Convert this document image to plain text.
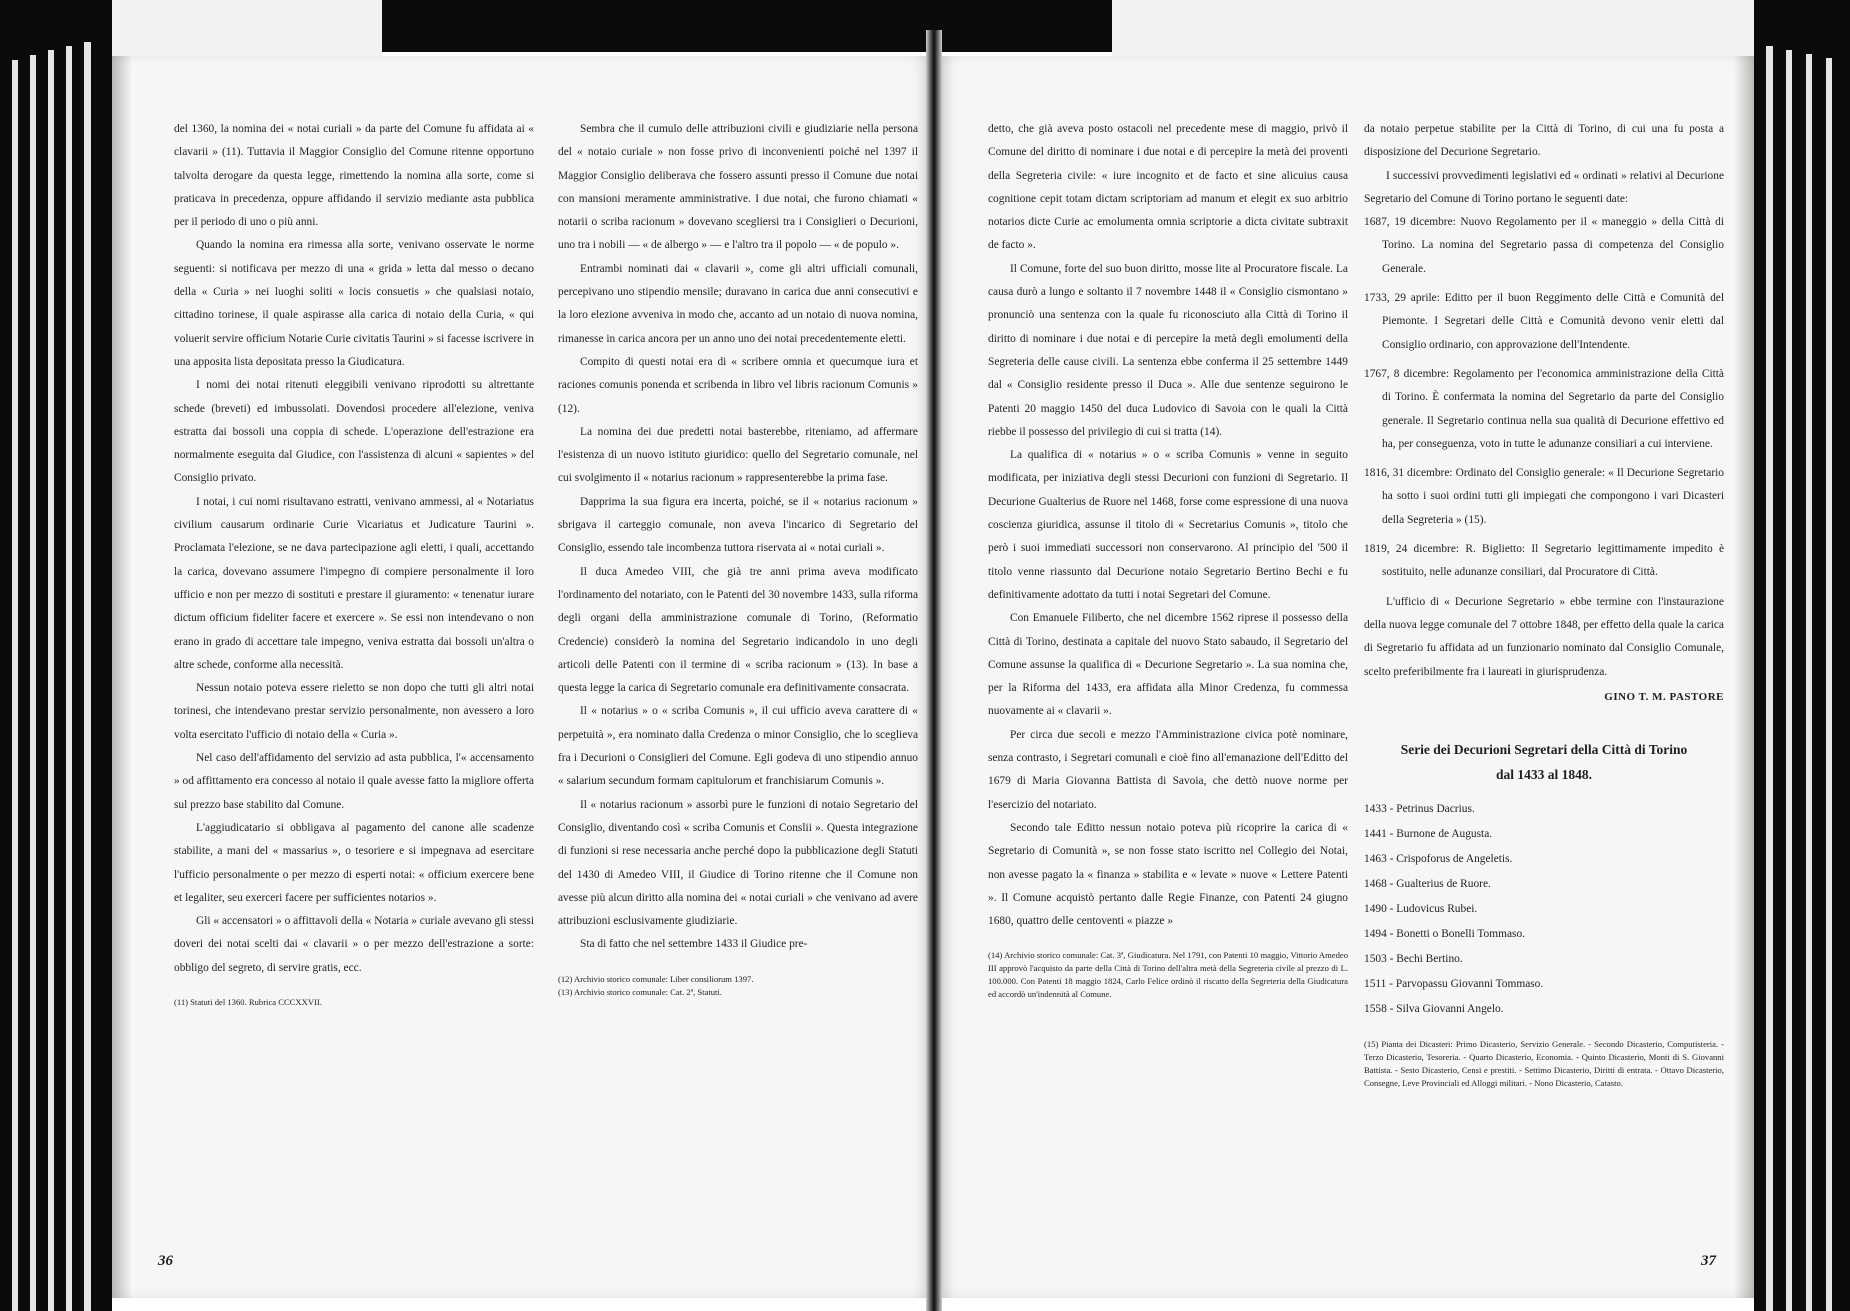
del 1360, la nomina dei « notai curiali » da parte del Comune fu affidata ai « clavarii » (11). Tuttavia il Maggior Consiglio del Comune ritenne opportuno talvolta derogare da questa legge, rimettendo la nomina alla sorte, come si praticava in precedenza, oppure affidando il servizio mediante asta pubblica per il periodo di uno o più anni.

Quando la nomina era rimessa alla sorte, venivano osservate le norme seguenti: si notificava per mezzo di una « grida » letta dal messo o decano della « Curia » nei luoghi soliti « locis consuetis » che qualsiasi notaio, cittadino torinese, il quale aspirasse alla carica di notaio della Curia, « qui voluerit servire officium Notarie Curie civitatis Taurini » si facesse iscrivere in una apposita lista depositata presso la Giudicatura.

I nomi dei notai ritenuti eleggibili venivano riprodotti su altrettante schede (breveti) ed imbussolati. Dovendosi procedere all'elezione, veniva estratta dai bossoli una coppia di schede. L'operazione dell'estrazione era normalmente eseguita dal Giudice, con l'assistenza di alcuni « sapientes » del Consiglio privato.

I notai, i cui nomi risultavano estratti, venivano ammessi, al « Notariatus civilium causarum ordinarie Curie Vicariatus et Judicature Taurini ». Proclamata l'elezione, se ne dava partecipazione agli eletti, i quali, accettando la carica, dovevano assumere l'impegno di compiere personalmente il loro ufficio e non per mezzo di sostituti e prestare il giuramento: « tenenatur iurare dictum officium fideliter facere et exercere ». Se essi non intendevano o non erano in grado di accettare tale impegno, veniva estratta dai bossoli un'altra o altre schede, conforme alla necessità.

Nessun notaio poteva essere rieletto se non dopo che tutti gli altri notai torinesi, che intendevano prestar servizio personalmente, non avessero a loro volta esercitato l'ufficio di notaio della « Curia ».

Nel caso dell'affidamento del servizio ad asta pubblica, l'« accensamento » od affittamento era concesso al notaio il quale avesse fatto la migliore offerta sul prezzo base stabilito dal Comune.

L'aggiudicatario si obbligava al pagamento del canone alle scadenze stabilite, a mani del « massarius », o tesoriere e si impegnava ad esercitare l'ufficio personalmente o per mezzo di esperti notai: « officium exercere bene et legaliter, seu exerceri facere per sufficientes notarios ».

Gli « accensatori » o affittavoli della « Notaria » curiale avevano gli stessi doveri dei notai scelti dai « clavarii » o per mezzo dell'estrazione a sorte: obbligo del segreto, di servire gratis, ecc.

(11) Statuti del 1360. Rubrica CCCXXVII.

Sembra che il cumulo delle attribuzioni civili e giudiziarie nella persona del « notaio curiale » non fosse privo di inconvenienti poiché nel 1397 il Maggior Consiglio deliberava che fossero assunti presso il Comune due notai con mansioni meramente amministrative. I due notai, che furono chiamati « notarii o scriba racionum » dovevano scegliersi tra i Consiglieri o Decurioni, uno tra i nobili — « de albergo » — e l'altro tra il popolo — « de populo ».

Entrambi nominati dai « clavarii », come gli altri ufficiali comunali, percepivano uno stipendio mensile; duravano in carica due anni consecutivi e la loro elezione avveniva in modo che, accanto ad un notaio di nuova nomina, rimanesse in carica ancora per un anno uno dei notai precedentemente eletti.

Compito di questi notai era di « scribere omnia et quecumque iura et raciones comunis ponenda et scribenda in libro vel libris racionum Comunis » (12).

La nomina dei due predetti notai basterebbe, riteniamo, ad affermare l'esistenza di un nuovo istituto giuridico: quello del Segretario comunale, nel cui svolgimento il « notarius racionum » rappresenterebbe la prima fase.

Dapprima la sua figura era incerta, poiché, se il « notarius racionum » sbrigava il carteggio comunale, non aveva l'incarico di Segretario del Consiglio, essendo tale incombenza tuttora riservata ai « notai curiali ».

Il duca Amedeo VIII, che già tre anni prima aveva modificato l'ordinamento del notariato, con le Patenti del 30 novembre 1433, sulla riforma degli organi della amministrazione comunale di Torino, (Reformatio Credencie) considerò la nomina del Segretario indicandolo in uno degli articoli delle Patenti con il termine di « scriba racionum » (13). In base a questa legge la carica di Segretario comunale era definitivamente consacrata.

Il « notarius » o « scriba Comunis », il cui ufficio aveva carattere di « perpetuità », era nominato dalla Credenza o minor Consiglio, che lo sceglieva fra i Decurioni o Consiglieri del Comune. Egli godeva di uno stipendio annuo « salarium secundum formam capitulorum et franchisiarum Comunis ».

Il « notarius racionum » assorbì pure le funzioni di notaio Segretario del Consiglio, diventando così « scriba Comunis et Conslii ». Questa integrazione di funzioni si rese necessaria anche perché dopo la pubblicazione degli Statuti del 1430 di Amedeo VIII, il Giudice di Torino ritenne che il Comune non avesse più alcun diritto alla nomina dei « notai curiali » che venivano ad avere attribuzioni esclusivamente giudiziarie.

Sta di fatto che nel settembre 1433 il Giudice pre-

(12) Archivio storico comunale: Liber consiliorum 1397.

(13) Archivio storico comunale: Cat. 2ª, Statuti.

36

detto, che già aveva posto ostacoli nel precedente mese di maggio, privò il Comune del diritto di nominare i due notai e di percepire la metà dei proventi della Segreteria civile: « iure incognito et de facto et sine alicuius causa cognitione cepit totam dictam scriptoriam ad manum et elegit ex suo arbitrio notarios dicte Curie ac emolumenta omnia scriptorie a dicta civitate subtraxit de facto ».

Il Comune, forte del suo buon diritto, mosse lite al Procuratore fiscale. La causa durò a lungo e soltanto il 7 novembre 1448 il « Consiglio cismontano » pronunciò una sentenza con la quale fu riconosciuto alla Città di Torino il diritto di nominare i due notai e di percepire la metà degli emolumenti della Segreteria delle cause civili. La sentenza ebbe conferma il 25 settembre 1449 dal « Consiglio residente presso il Duca ». Alle due sentenze seguirono le Patenti 20 maggio 1450 del duca Ludovico di Savoia con le quali la Città riebbe il possesso del privilegio di cui si tratta (14).

La qualifica di « notarius » o « scriba Comunis » venne in seguito modificata, per iniziativa degli stessi Decurioni con funzioni di Segretario. Il Decurione Gualterius de Ruore nel 1468, forse come espressione di una nuova coscienza giuridica, assunse il titolo di « Secretarius Comunis », titolo che però i suoi immediati successori non conservarono. Al principio del '500 il titolo venne riassunto dal Decurione notaio Segretario Bertino Bechi e fu definitivamente adottato da tutti i notai Segretari del Comune.

Con Emanuele Filiberto, che nel dicembre 1562 riprese il possesso della Città di Torino, destinata a capitale del nuovo Stato sabaudo, il Segretario del Comune assunse la qualifica di « Decurione Segretario ». La sua nomina che, per la Riforma del 1433, era affidata alla Minor Credenza, fu commessa nuovamente ai « clavarii ».

Per circa due secoli e mezzo l'Amministrazione civica potè nominare, senza contrasto, i Segretari comunali e cioè fino all'emanazione dell'Editto del 1679 di Maria Giovanna Battista di Savoia, che dettò nuove norme per l'esercizio del notariato.

Secondo tale Editto nessun notaio poteva più ricoprire la carica di « Segretario di Comunità », se non fosse stato iscritto nel Collegio dei Notai, non avesse pagato la « finanza » stabilita e « levate » nuove « Lettere Patenti ». Il Comune acquistò pertanto dalle Regie Finanze, con Patenti 24 giugno 1680, quattro delle centoventi « piazze »

(14) Archivio storico comunale: Cat. 3ª, Giudicatura. Nel 1791, con Patenti 10 maggio, Vittorio Amedeo III approvò l'acquisto da parte della Città di Torino dell'altra metà della Segreteria civile al prezzo di L. 100.000. Con Patenti 18 maggio 1824, Carlo Felice ordinò il riscatto della Segreteria della Giudicatura ed accordò un'indennità al Comune.

da notaio perpetue stabilite per la Città di Torino, di cui una fu posta a disposizione del Decurione Segretario.

I successivi provvedimenti legislativi ed « ordinati » relativi al Decurione Segretario del Comune di Torino portano le seguenti date:

1687, 19 dicembre: Nuovo Regolamento per il « maneggio » della Città di Torino. La nomina del Segretario passa di competenza del Consiglio Generale.

1733, 29 aprile: Editto per il buon Reggimento delle Città e Comunità del Piemonte. I Segretari delle Città e Comunità devono venir eletti dal Consiglio ordinario, con approvazione dell'Intendente.

1767, 8 dicembre: Regolamento per l'economica amministrazione della Città di Torino. È confermata la nomina del Segretario da parte del Consiglio generale. Il Segretario continua nella sua qualità di Decurione effettivo ed ha, per conseguenza, voto in tutte le adunanze consiliari a cui interviene.

1816, 31 dicembre: Ordinato del Consiglio generale: « Il Decurione Segretario ha sotto i suoi ordini tutti gli impiegati che compongono i vari Dicasteri della Segreteria » (15).

1819, 24 dicembre: R. Biglietto: Il Segretario legittimamente impedito è sostituito, nelle adunanze consiliari, dal Procuratore di Città.

L'ufficio di « Decurione Segretario » ebbe termine con l'instaurazione della nuova legge comunale del 7 ottobre 1848, per effetto della quale la carica di Segretario fu affidata ad un funzionario nominato dal Consiglio Comunale, scelto preferibilmente fra i laureati in giurisprudenza.

GINO T. M. PASTORE
Serie dei Decurioni Segretari della Città di Torino
dal 1433 al 1848.
1433 - Petrinus Dacrius.
1441 - Burnone de Augusta.
1463 - Crispoforus de Angeletis.
1468 - Gualterius de Ruore.
1490 - Ludovicus Rubei.
1494 - Bonetti o Bonelli Tommaso.
1503 - Bechi Bertino.
1511 - Parvopassu Giovanni Tommaso.
1558 - Silva Giovanni Angelo.

(15) Pianta dei Dicasteri: Primo Dicasterio, Servizio Generale. - Secondo Dicasterio, Computisteria. - Terzo Dicasterio, Tesoreria. - Quarto Dicasterio, Economia. - Quinto Dicasterio, Monti di S. Giovanni Battista. - Sesto Dicasterio, Censi e prestiti. - Settimo Dicasterio, Diritti di entrata. - Ottavo Dicasterio, Consegne, Leve Provinciali ed Alloggi militari. - Nono Dicasterio, Catasto.

37
